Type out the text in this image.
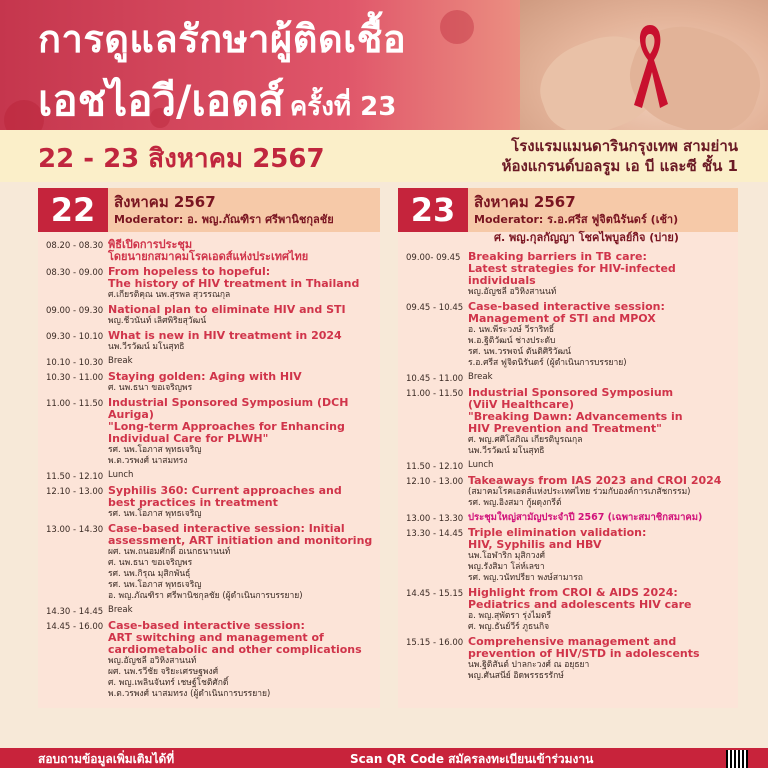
การดูแลรักษาผู้ติดเชื้อ
เอชไอวี/เอดส์ ครั้งที่ 23
22 - 23 สิงหาคม 2567	โรงแรมแมนดารินกรุงเทพ สามย่าน
ห้องแกรนด์บอลรูม เอ บี และซี ชั้น 1
22	สิงหาคม 2567
Moderator: อ. พญ.ภัณฑิรา ศรีพานิชกุลชัย
08.20 - 08.30 พิธีเปิดการประชุม
โดยนายกสมาคมโรคเอดส์แห่งประเทศไทย
08.30 - 09.00 From hopeless to hopeful:
The history of HIV treatment in Thailand
ศ.เกียรติคุณ นพ.สุรพล สุวรรณกุล
09.00 - 09.30 National plan to eliminate HIV and STI
พญ.ชีวนันท์ เลิศพิริยสุวัฒน์
09.30 - 10.10 What is new in HIV treatment in 2024
นพ.วีรวัฒน์ มโนสุทธิ
10.10 - 10.30 Break
10.30 - 11.00 Staying golden: Aging with HIV
ศ. นพ.ธนา ขอเจริญพร
11.00 - 11.50 Industrial Sponsored Symposium (DCH Auriga)
"Long-term Approaches for Enhancing
Individual Care for PLWH"
รศ. นพ.โอภาส พุทธเจริญ
พ.ต.วรพงศ์ นาสมทรง
11.50 - 12.10 Lunch
12.10 - 13.00 Syphilis 360: Current approaches and
best practices in treatment
รศ. นพ.โอภาส พุทธเจริญ
13.00 - 14.30 Case-based interactive session: Initial
assessment, ART initiation and monitoring
ผศ. นพ.ถนอมศักดิ์ อเนกธนานนท์
ศ. นพ.ธนา ขอเจริญพร
รศ. นพ.กิรุณ มุสิกพันธุ์
รศ. นพ.โอภาส พุทธเจริญ
อ. พญ.ภัณฑิรา ศรีพานิชกุลชัย (ผู้ดำเนินการบรรยาย)
14.30 - 14.45 Break
14.45 - 16.00 Case-based interactive session:
ART switching and management of
cardiometabolic and other complications
พญ.อัญชลี อวิหิงสานนท์
ผศ. นพ.รวีชัย จริยะเศรษฐพงศ์
ศ. พญ.เพลินจันทร์ เชษฐ์โชติศักดิ์
พ.ต.วรพงศ์ นาสมทรง (ผู้ดำเนินการบรรยาย)
23	สิงหาคม 2567
Moderator: ร.อ.ศรีส ฟูจิตนิรันดร์ (เช้า)
ศ. พญ.กุลกัญญา โชคไพบูลย์กิจ (บ่าย)
09.00- 09.45 Breaking barriers in TB care:
Latest strategies for HIV-infected individuals
พญ.อัญชลี อวิหิงสานนท์
09.45 - 10.45 Case-based interactive session:
Management of STI and MPOX
อ. นพ.พีระวงษ์ วีราริทธิ์
พ.อ.ฐิติวัฒน์ ช่างประดับ
รศ. นพ.วรพจน์ ตันติศิริวัฒน์
ร.อ.ศรีส ฟูจิตนิรันดร์ (ผู้ดำเนินการบรรยาย)
10.45 - 11.00 Break
11.00 - 11.50 Industrial Sponsored Symposium
(ViiV Healthcare)
"Breaking Dawn: Advancements in
HIV Prevention and Treatment"
ศ. พญ.ศศิโสภิณ เกียรติบูรณกุล
นพ.วีรวัฒน์ มโนสุทธิ
11.50 - 12.10 Lunch
12.10 - 13.00 Takeaways from IAS 2023 and CROI 2024
(สมาคมโรคเอดส์แห่งประเทศไทย ร่วมกับองค์การเภสัชกรรม)
รศ. พญ.อิงสมา กู้ผดุงกรีต์
13.00 - 13.30 ประชุมใหญ่สามัญประจำปี 2567 (เฉพาะสมาชิกสมาคม)
13.30 - 14.45 Triple elimination validation:
HIV, Syphilis and HBV
นพ.โอฬาริก มุสิกวงศ์
พญ.รังสิมา โล่ห์เลขา
รศ. พญ.วนัทปรียา พงษ์สามารถ
14.45 - 15.15 Highlight from CROI & AIDS 2024:
Pediatrics and adolescents HIV care
อ. พญ.สุพัตรา รุ่งไมตรี
ศ. พญ.ธันย์วีร์ ภูธนกิจ
15.15 - 16.00 Comprehensive management and
prevention of HIV/STD in adolescents
นพ.ฐิติสันต์ ปาลกะวงศ์ ณ อยุธยา
พญ.ศันสนีย์ อิดพรรธรรักษ์
สอบถามข้อมูลเพิ่มเติมได้ที่	Scan QR Code สมัครลงทะเบียนเข้าร่วมงาน
